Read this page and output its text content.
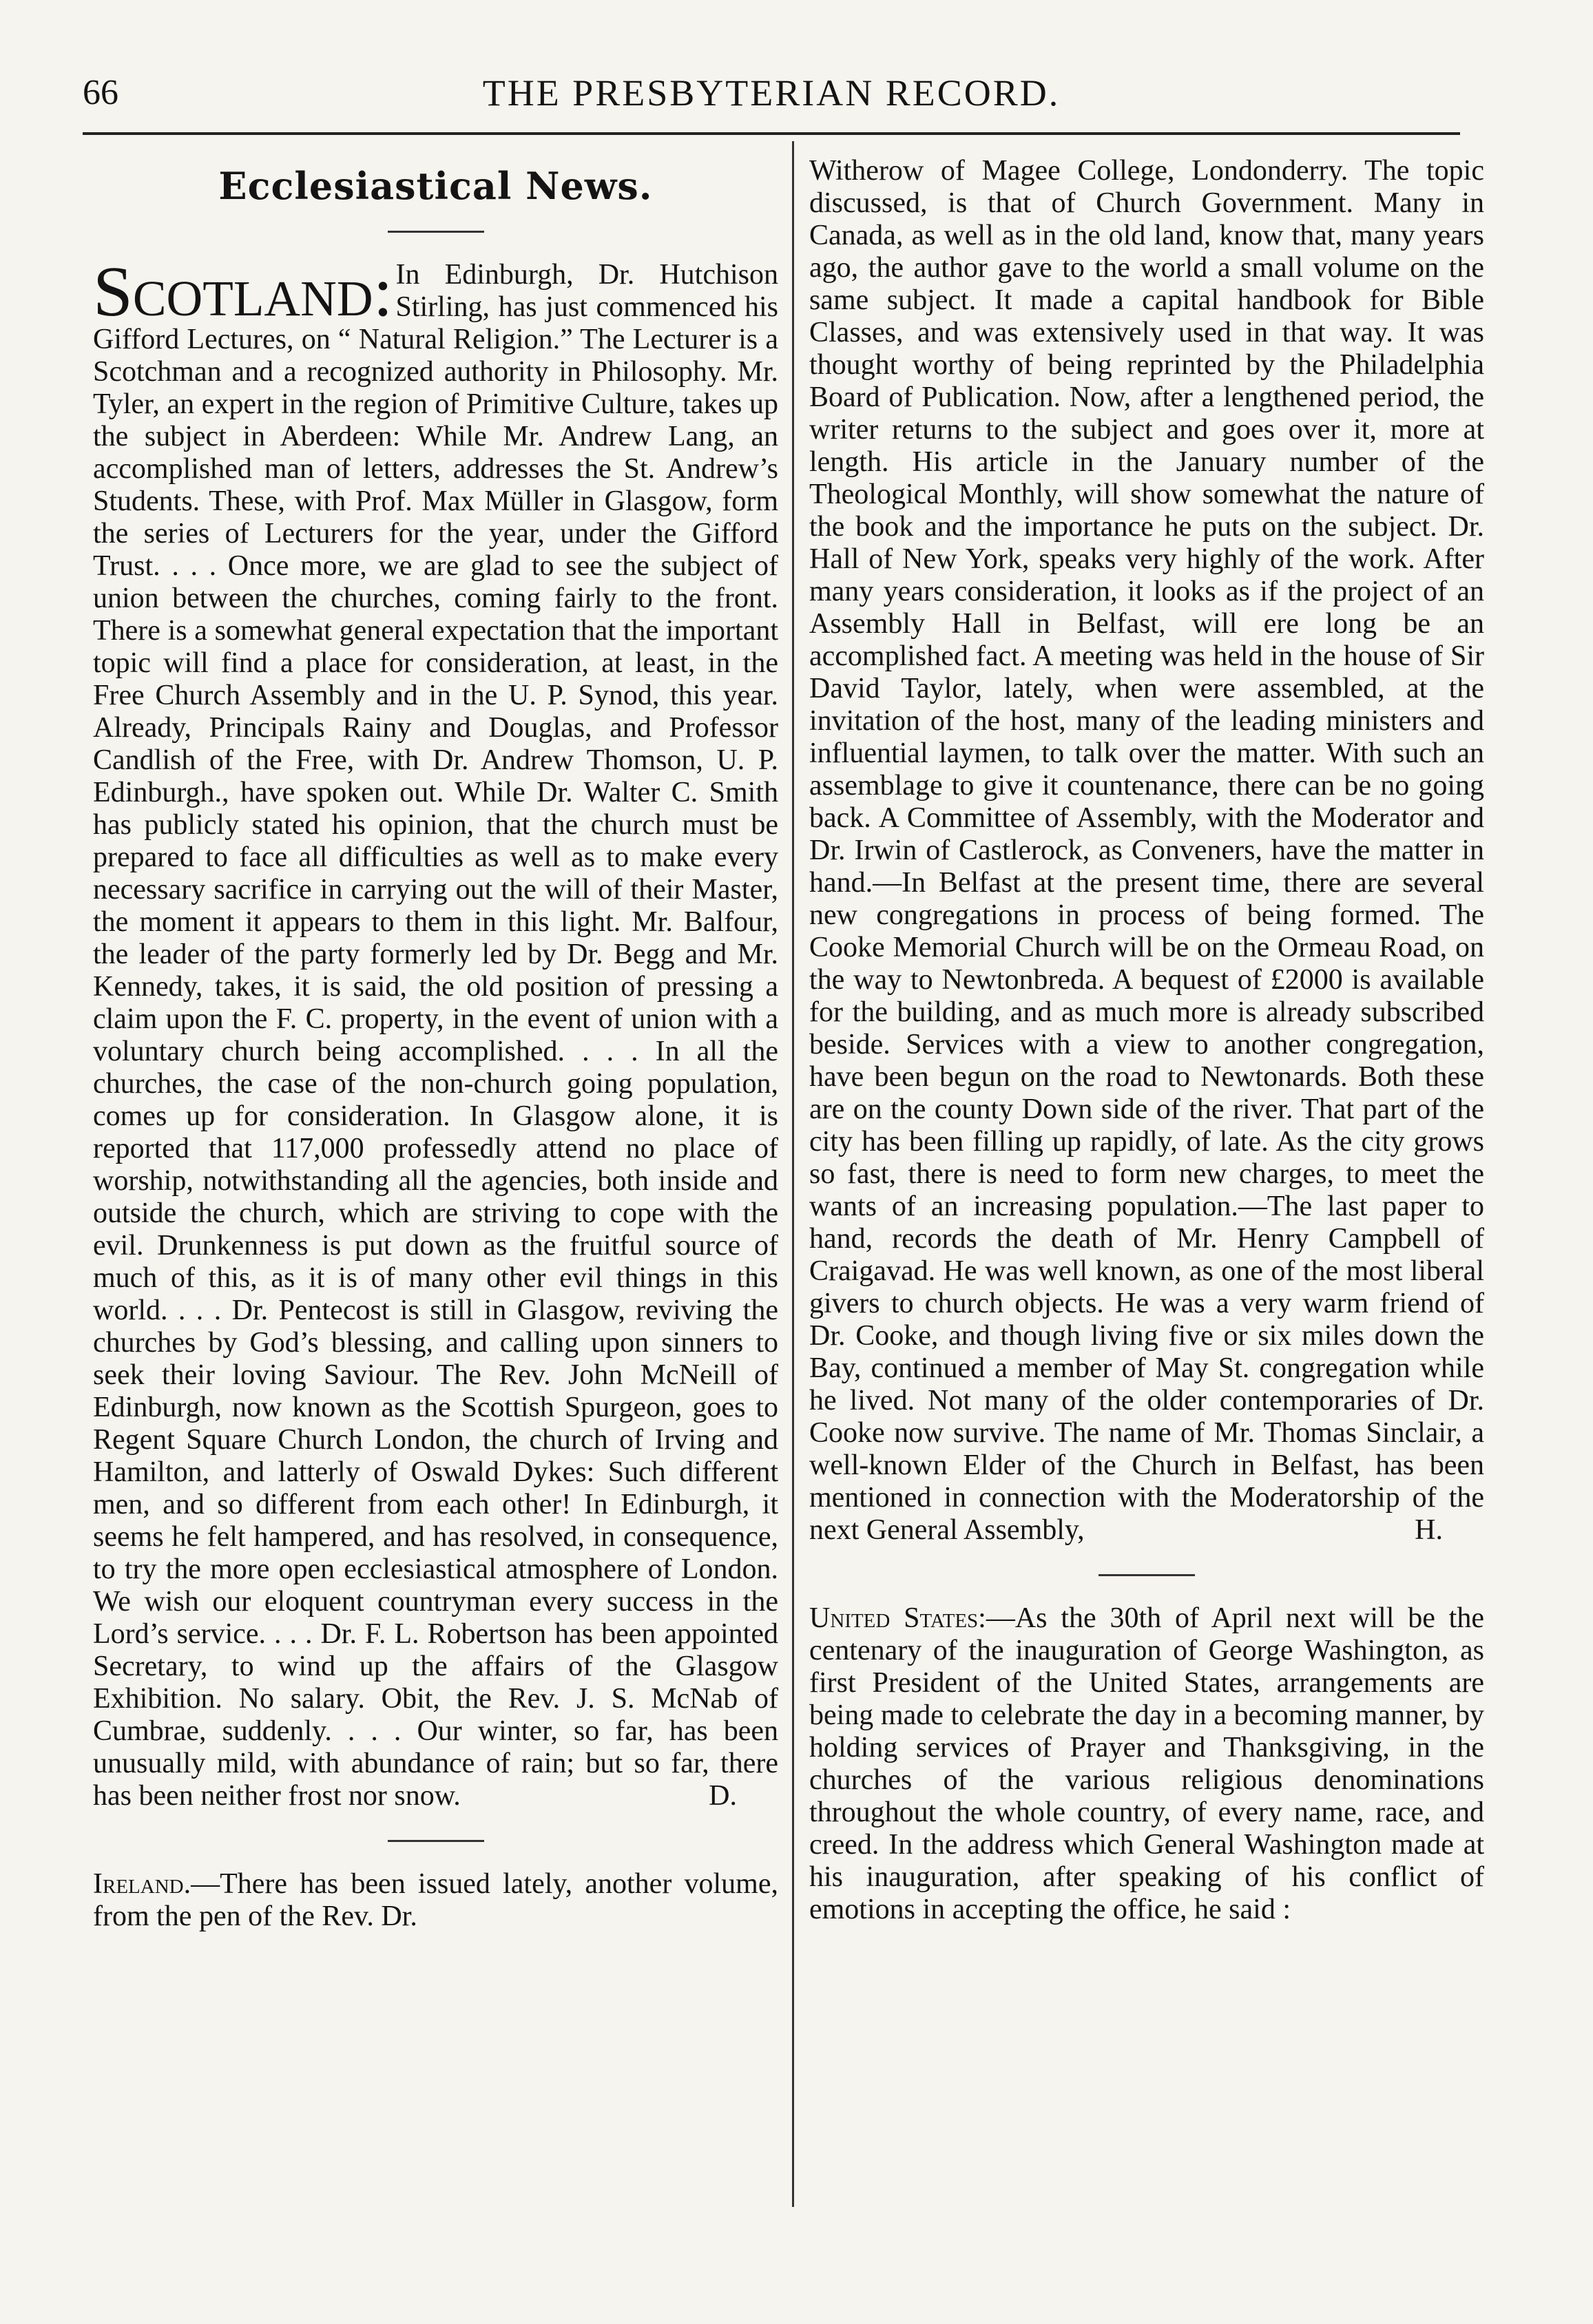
66	THE PRESBYTERIAN RECORD.
Ecclesiastical News.

Scotland: In Edinburgh, Dr. Hutchison Stirling, has just commenced his Gifford Lectures, on “ Natural Religion.” The Lecturer is a Scotchman and a recognized authority in Philosophy. Mr. Tyler, an expert in the region of Primitive Culture, takes up the subject in Aberdeen: While Mr. Andrew Lang, an accomplished man of letters, addresses the St. Andrew’s Students. These, with Prof. Max Müller in Glasgow, form the series of Lecturers for the year, under the Gifford Trust. . . . Once more, we are glad to see the subject of union between the churches, coming fairly to the front. There is a somewhat general expectation that the important topic will find a place for consideration, at least, in the Free Church Assembly and in the U. P. Synod, this year. Already, Principals Rainy and Douglas, and Professor Candlish of the Free, with Dr. Andrew Thomson, U. P. Edinburgh., have spoken out. While Dr. Walter C. Smith has publicly stated his opinion, that the church must be prepared to face all difficulties as well as to make every necessary sacrifice in carrying out the will of their Master, the moment it appears to them in this light. Mr. Balfour, the leader of the party formerly led by Dr. Begg and Mr. Kennedy, takes, it is said, the old position of pressing a claim upon the F. C. property, in the event of union with a voluntary church being accomplished. . . . In all the churches, the case of the non-church going population, comes up for consideration. In Glasgow alone, it is reported that 117,000 professedly attend no place of worship, notwithstanding all the agencies, both inside and outside the church, which are striving to cope with the evil. Drunkenness is put down as the fruitful source of much of this, as it is of many other evil things in this world. . . . Dr. Pentecost is still in Glasgow, reviving the churches by God’s blessing, and calling upon sinners to seek their loving Saviour. The Rev. John McNeill of Edinburgh, now known as the Scottish Spurgeon, goes to Regent Square Church London, the church of Irving and Hamilton, and latterly of Oswald Dykes: Such different men, and so different from each other! In Edinburgh, it seems he felt hampered, and has resolved, in consequence, to try the more open ecclesiastical atmosphere of London. We wish our eloquent countryman every success in the Lord’s service. . . . Dr. F. L. Robertson has been appointed Secretary, to wind up the affairs of the Glasgow Exhibition. No salary. Obit, the Rev. J. S. McNab of Cumbrae, suddenly. . . . Our winter, so far, has been unusually mild, with abundance of rain; but so far, there has been neither frost nor snow.	D.

Ireland.—There has been issued lately, another volume, from the pen of the Rev. Dr.

Witherow of Magee College, Londonderry. The topic discussed, is that of Church Government. Many in Canada, as well as in the old land, know that, many years ago, the author gave to the world a small volume on the same subject. It made a capital handbook for Bible Classes, and was extensively used in that way. It was thought worthy of being reprinted by the Philadelphia Board of Publication. Now, after a lengthened period, the writer returns to the subject and goes over it, more at length. His article in the January number of the Theological Monthly, will show somewhat the nature of the book and the importance he puts on the subject. Dr. Hall of New York, speaks very highly of the work. After many years consideration, it looks as if the project of an Assembly Hall in Belfast, will ere long be an accomplished fact. A meeting was held in the house of Sir David Taylor, lately, when were assembled, at the invitation of the host, many of the leading ministers and influential laymen, to talk over the matter. With such an assemblage to give it countenance, there can be no going back. A Committee of Assembly, with the Moderator and Dr. Irwin of Castlerock, as Conveners, have the matter in hand.—In Belfast at the present time, there are several new congregations in process of being formed. The Cooke Memorial Church will be on the Ormeau Road, on the way to Newtonbreda. A bequest of £2000 is available for the building, and as much more is already subscribed beside. Services with a view to another congregation, have been begun on the road to Newtonards. Both these are on the county Down side of the river. That part of the city has been filling up rapidly, of late. As the city grows so fast, there is need to form new charges, to meet the wants of an increasing population.—The last paper to hand, records the death of Mr. Henry Campbell of Craigavad. He was well known, as one of the most liberal givers to church objects. He was a very warm friend of Dr. Cooke, and though living five or six miles down the Bay, continued a member of May St. congregation while he lived. Not many of the older contemporaries of Dr. Cooke now survive. The name of Mr. Thomas Sinclair, a well-known Elder of the Church in Belfast, has been mentioned in connection with the Moderatorship of the next General Assembly,	H.

United States:—As the 30th of April next will be the centenary of the inauguration of George Washington, as first President of the United States, arrangements are being made to celebrate the day in a becoming manner, by holding services of Prayer and Thanksgiving, in the churches of the various religious denominations throughout the whole country, of every name, race, and creed. In the address which General Washington made at his inauguration, after speaking of his conflict of emotions in accepting the office, he said :
